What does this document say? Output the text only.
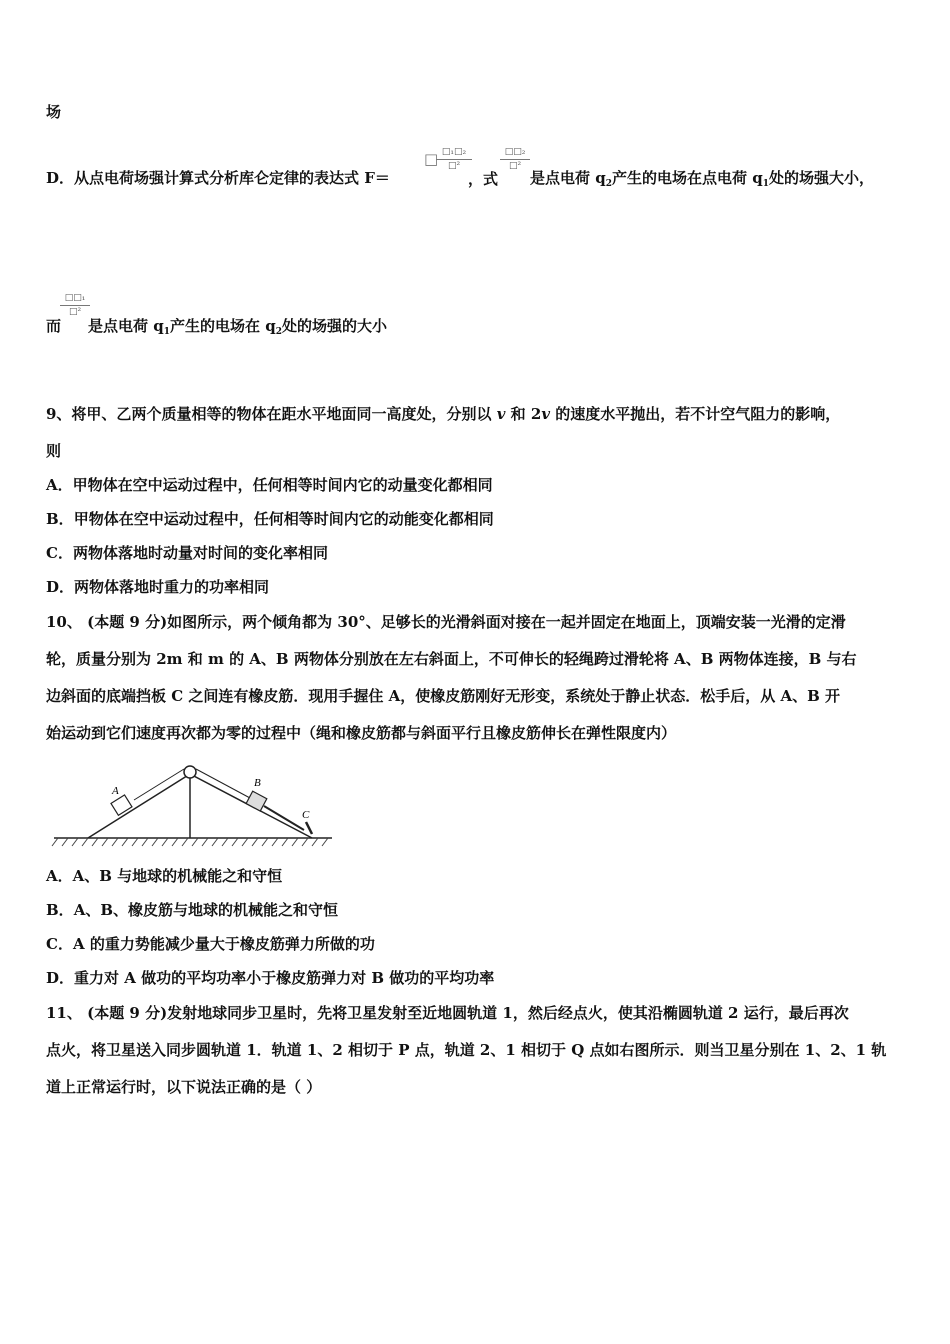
场
D．从点电荷场强计算式分析库仑定律的表达式 F＝
□ □₁□₂
□²
，式
□□₂
□²
是点电荷 $q_2$产生的电场在点电荷 $q_1$处的场强大小，
□□₁
□²
而 是点电荷 $q_1$产生的电场在 $q_2$处的场强的大小
9、将甲、乙两个质量相等的物体在距水平地面同一高度处，分别以 v 和 2v 的速度水平抛出，若不计空气阻力的影响，
则
A．甲物体在空中运动过程中，任何相等时间内它的动量变化都相同
B．甲物体在空中运动过程中，任何相等时间内它的动能变化都相同
C．两物体落地时动量对时间的变化率相同
D．两物体落地时重力的功率相同
10、 (本题 9 分)如图所示，两个倾角都为 30°、足够长的光滑斜面对接在一起并固定在地面上，顶端安装一光滑的定滑
轮，质量分别为 2m 和 m 的 A、B 两物体分别放在左右斜面上，不可伸长的轻绳跨过滑轮将 A、B 两物体连接，B 与右
边斜面的底端挡板 C 之间连有橡皮筋．现用手握住 A，使橡皮筋刚好无形变，系统处于静止状态．松手后，从 A、B 开
始运动到它们速度再次都为零的过程中（绳和橡皮筋都与斜面平行且橡皮筋伸长在弹性限度内）
A
B
C
A．A、B 与地球的机械能之和守恒
B．A、B、橡皮筋与地球的机械能之和守恒
C．A 的重力势能减少量大于橡皮筋弹力所做的功
D．重力对 A 做功的平均功率小于橡皮筋弹力对 B 做功的平均功率
11、 (本题 9 分)发射地球同步卫星时，先将卫星发射至近地圆轨道 1，然后经点火，使其沿椭圆轨道 2 运行，最后再次
点火，将卫星送入同步圆轨道 1．轨道 1、2 相切于 P 点，轨道 2、1 相切于 Q 点如右图所示．则当卫星分别在 1、2、1 轨
道上正常运行时，以下说法正确的是（ ）
